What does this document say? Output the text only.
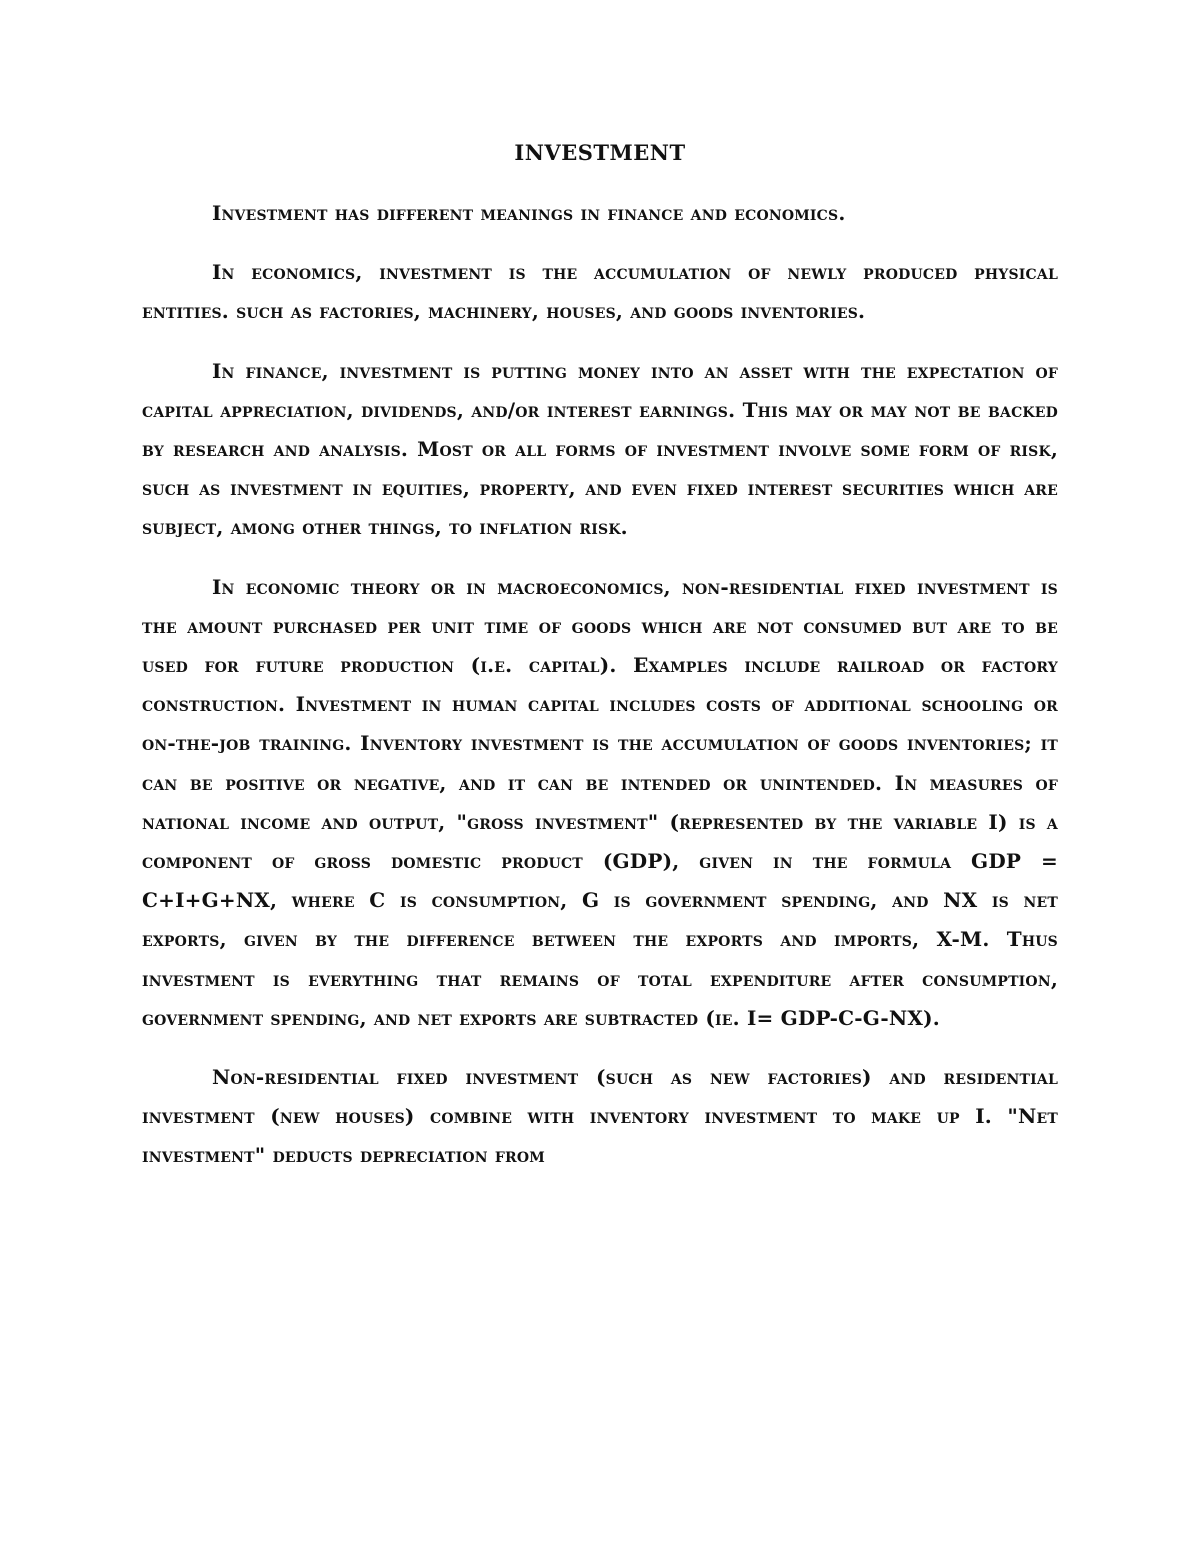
INVESTMENT

Investment has different meanings in finance and economics.

In economics, investment is the accumulation of newly produced physical entities. such as factories, machinery, houses, and goods inventories.

In finance, investment is putting money into an asset with the expectation of capital appreciation, dividends, and/or interest earnings. This may or may not be backed by research and analysis. Most or all forms of investment involve some form of risk, such as investment in equities, property, and even fixed interest securities which are subject, among other things, to inflation risk.

In economic theory or in macroeconomics, non-residential fixed investment is the amount purchased per unit time of goods which are not consumed but are to be used for future production (i.e. capital). Examples include railroad or factory construction. Investment in human capital includes costs of additional schooling or on-the-job training. Inventory investment is the accumulation of goods inventories; it can be positive or negative, and it can be intended or unintended. In measures of national income and output, "gross investment" (represented by the variable I) is a component of gross domestic product (GDP), given in the formula GDP = C+I+G+NX, where C is consumption, G is government spending, and NX is net exports, given by the difference between the exports and imports, X-M. Thus investment is everything that remains of total expenditure after consumption, government spending, and net exports are subtracted (ie. I= GDP-C-G-NX).

Non-residential fixed investment (such as new factories) and residential investment (new houses) combine with inventory investment to make up I. "Net investment" deducts depreciation from
